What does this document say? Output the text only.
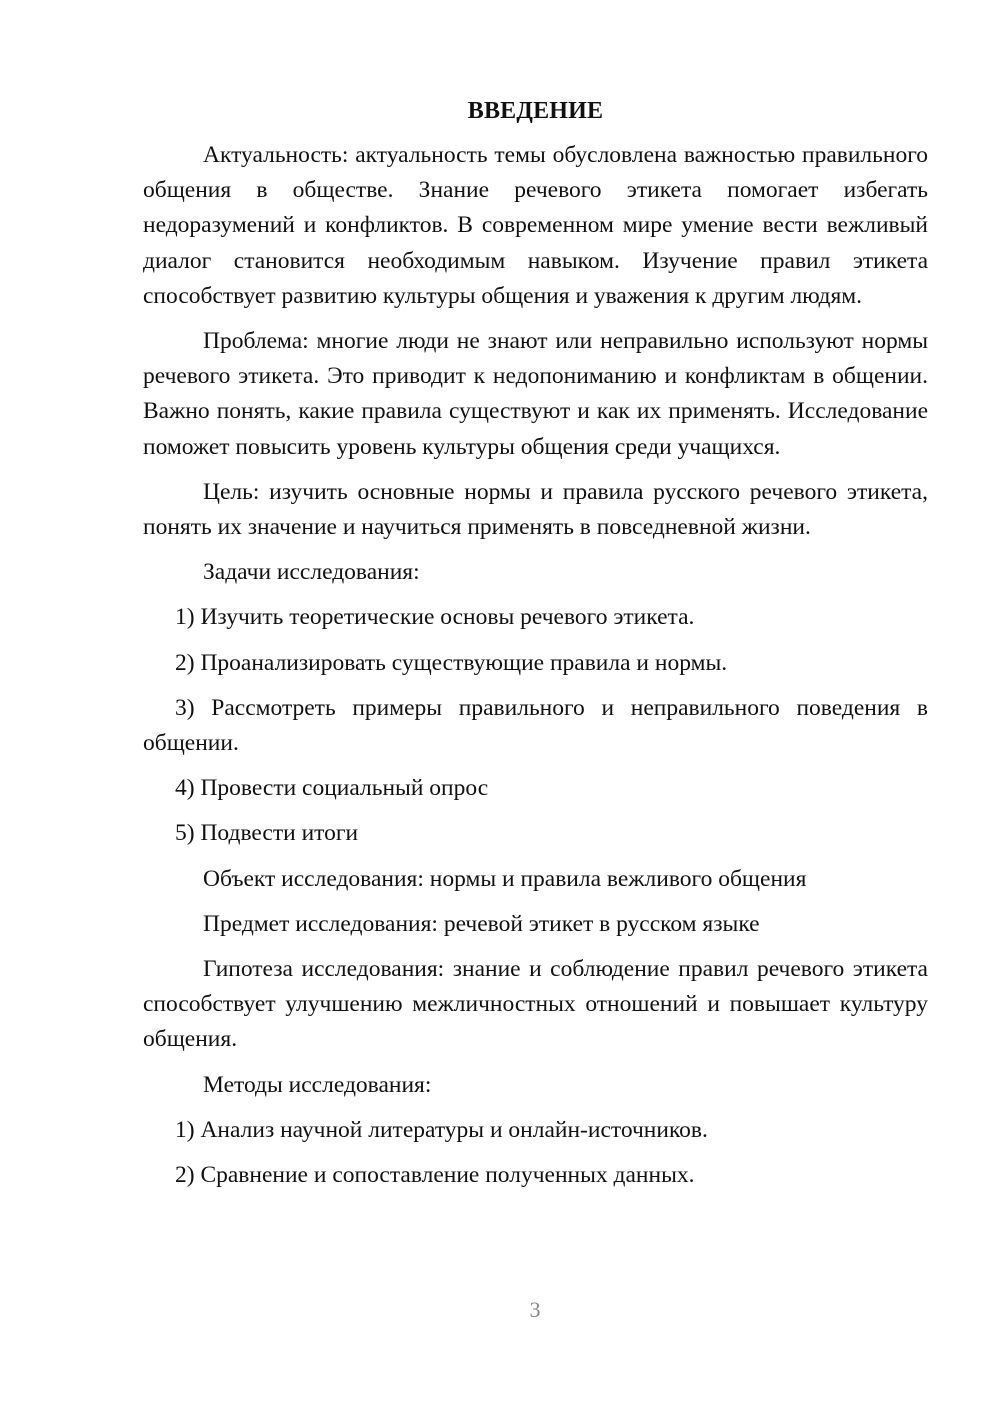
ВВЕДЕНИЕ

Актуальность: актуальность темы обусловлена важностью правильного общения в обществе. Знание речевого этикета помогает избегать недоразумений и конфликтов. В современном мире умение вести вежливый диалог становится необходимым навыком. Изучение правил этикета способствует развитию культуры общения и уважения к другим людям.

Проблема: многие люди не знают или неправильно используют нормы речевого этикета. Это приводит к недопониманию и конфликтам в общении. Важно понять, какие правила существуют и как их применять. Исследование поможет повысить уровень культуры общения среди учащихся.

Цель: изучить основные нормы и правила русского речевого этикета, понять их значение и научиться применять в повседневной жизни.

Задачи исследования:

1) Изучить теоретические основы речевого этикета.

2) Проанализировать существующие правила и нормы.

3) Рассмотреть примеры правильного и неправильного поведения в общении.

4) Провести социальный опрос

5) Подвести итоги

Объект исследования: нормы и правила вежливого общения

Предмет исследования: речевой этикет в русском языке

Гипотеза исследования: знание и соблюдение правил речевого этикета способствует улучшению межличностных отношений и повышает культуру общения.

Методы исследования:

1) Анализ научной литературы и онлайн-источников.

2) Сравнение и сопоставление полученных данных.

3
